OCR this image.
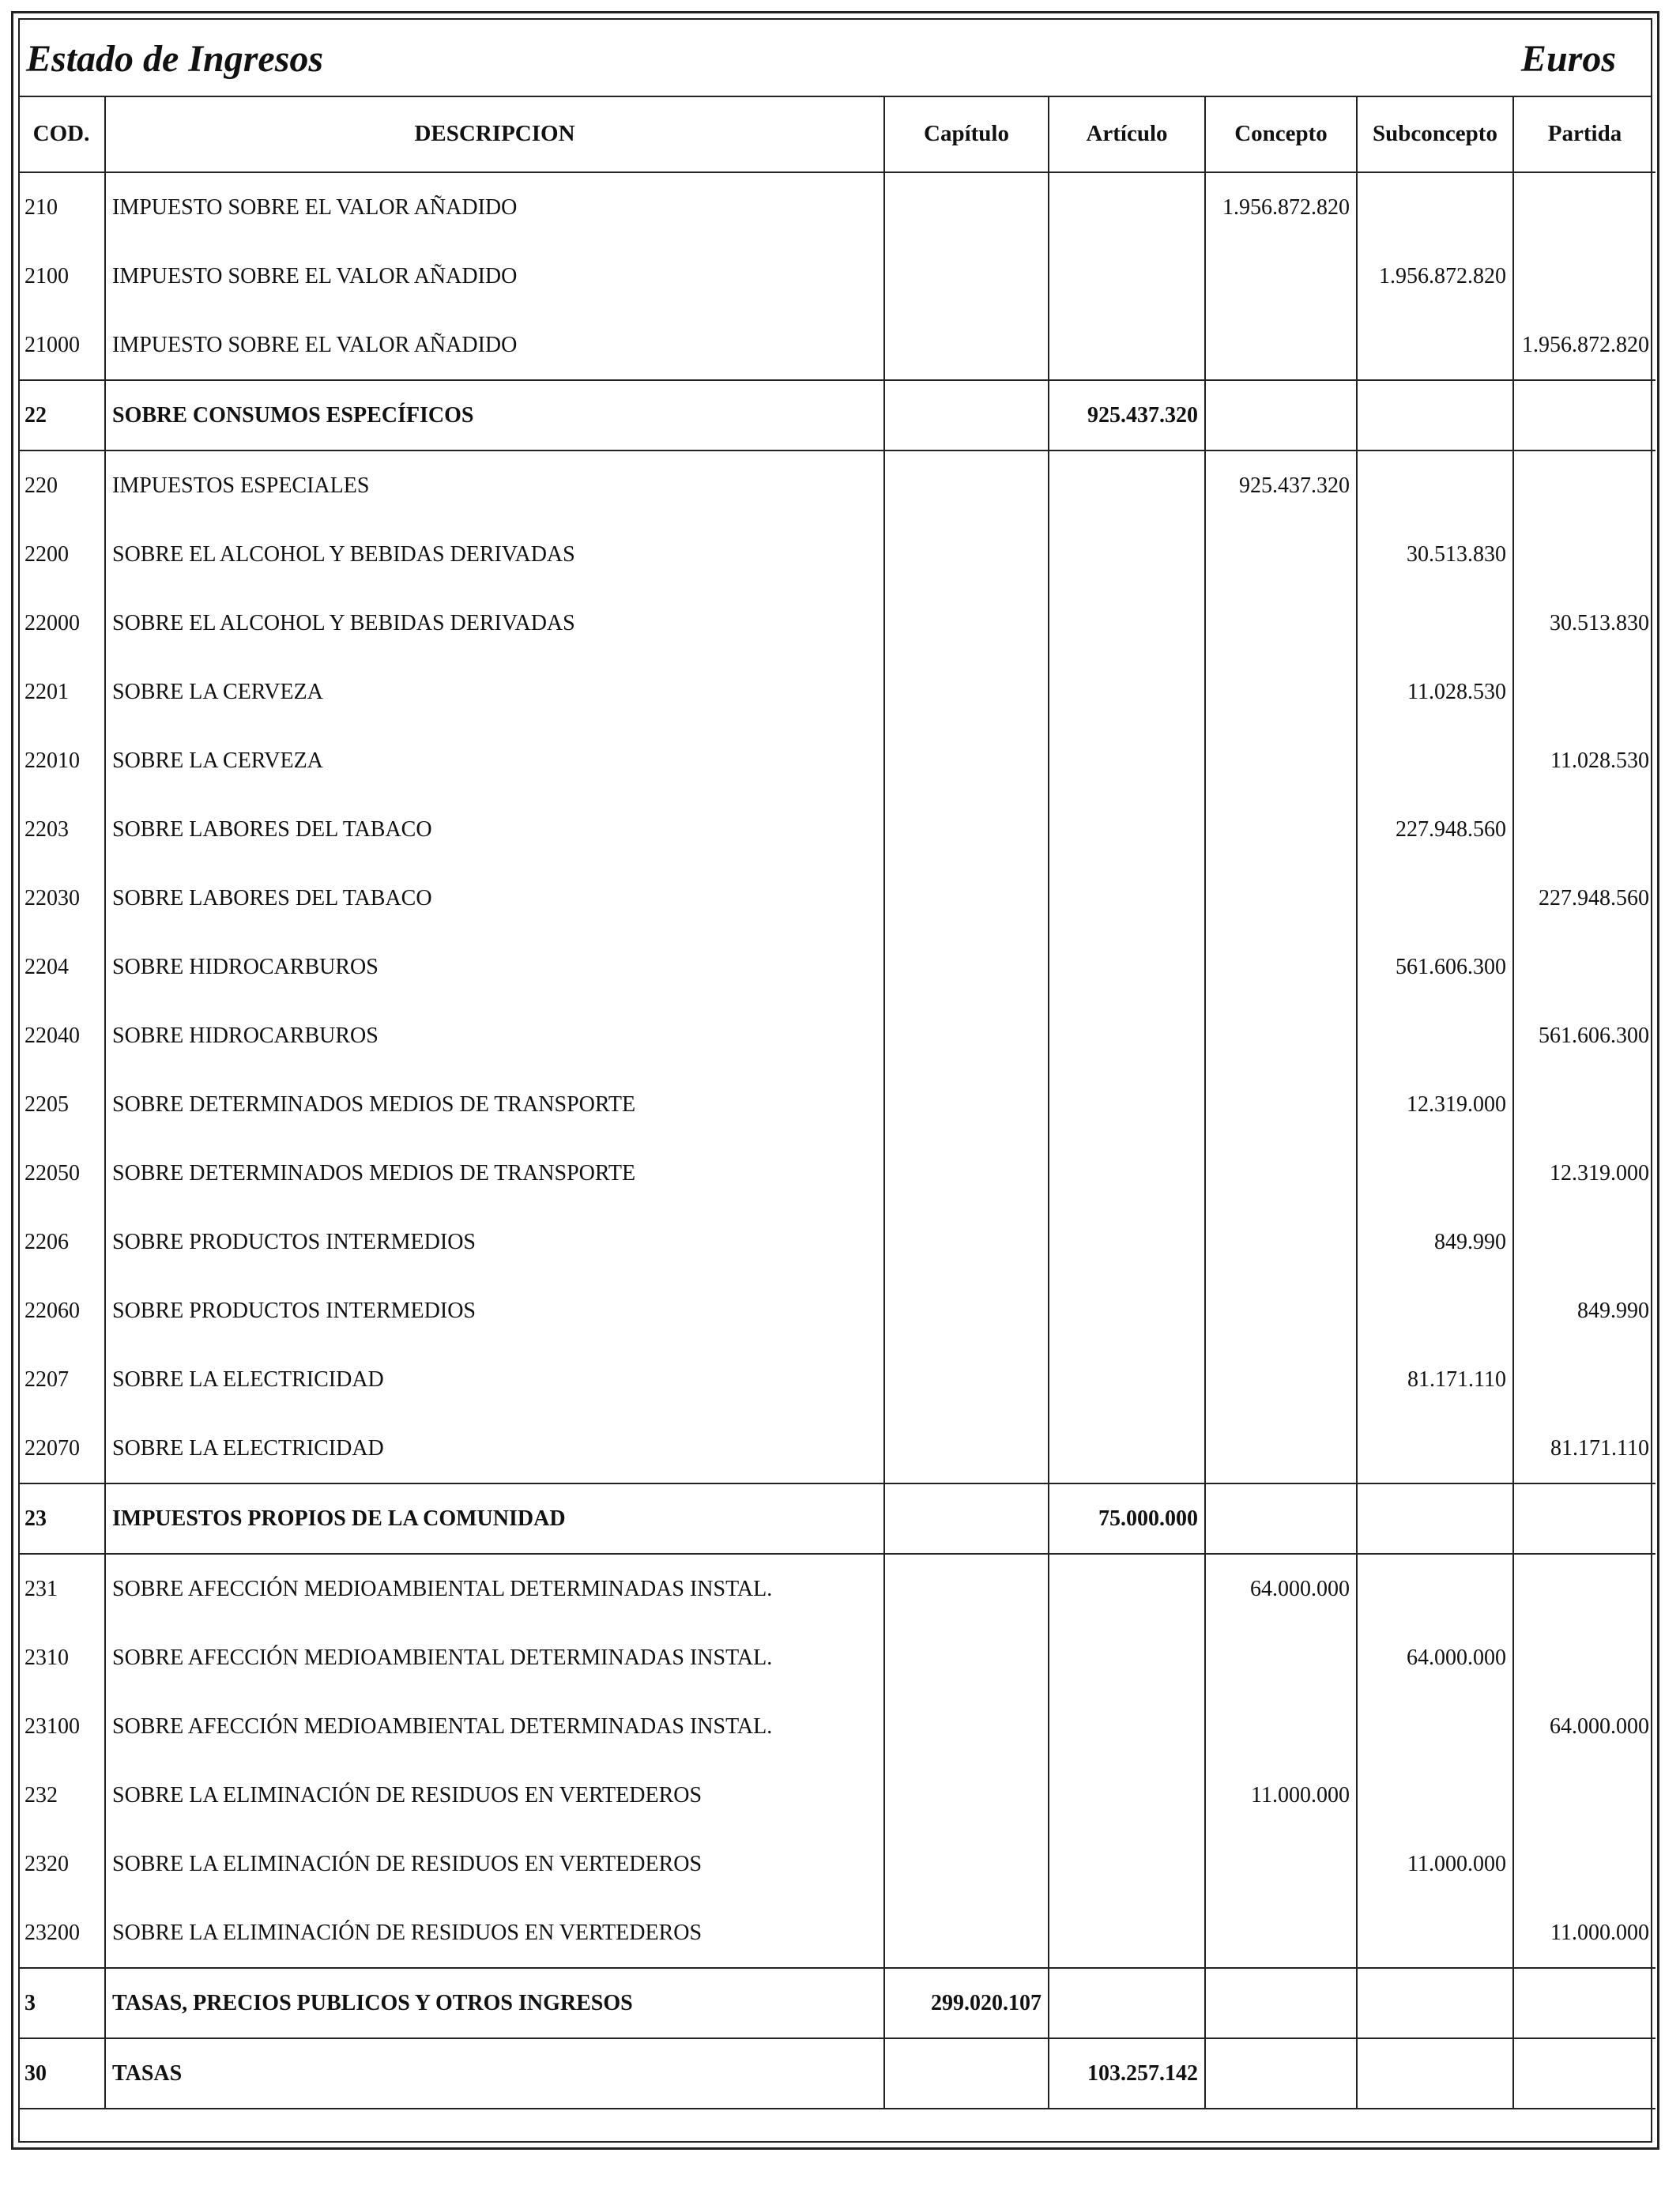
Estado de Ingresos	Euros
COD.	DESCRIPCION	Capítulo	Artículo	Concepto	Subconcepto	Partida
210	IMPUESTO SOBRE EL VALOR AÑADIDO			1.956.872.820		
2100	IMPUESTO SOBRE EL VALOR AÑADIDO				1.956.872.820	
21000	IMPUESTO SOBRE EL VALOR AÑADIDO					1.956.872.820
22	SOBRE CONSUMOS ESPECÍFICOS		925.437.320			
220	IMPUESTOS ESPECIALES			925.437.320		
2200	SOBRE EL ALCOHOL Y BEBIDAS DERIVADAS				30.513.830	
22000	SOBRE EL ALCOHOL Y BEBIDAS DERIVADAS					30.513.830
2201	SOBRE LA CERVEZA				11.028.530	
22010	SOBRE LA CERVEZA					11.028.530
2203	SOBRE LABORES DEL TABACO				227.948.560	
22030	SOBRE LABORES DEL TABACO					227.948.560
2204	SOBRE HIDROCARBUROS				561.606.300	
22040	SOBRE HIDROCARBUROS					561.606.300
2205	SOBRE DETERMINADOS MEDIOS DE TRANSPORTE				12.319.000	
22050	SOBRE DETERMINADOS MEDIOS DE TRANSPORTE					12.319.000
2206	SOBRE PRODUCTOS INTERMEDIOS				849.990	
22060	SOBRE PRODUCTOS INTERMEDIOS					849.990
2207	SOBRE LA ELECTRICIDAD				81.171.110	
22070	SOBRE LA ELECTRICIDAD					81.171.110
23	IMPUESTOS PROPIOS DE LA COMUNIDAD		75.000.000			
231	SOBRE AFECCIÓN MEDIOAMBIENTAL DETERMINADAS INSTAL.			64.000.000		
2310	SOBRE AFECCIÓN MEDIOAMBIENTAL DETERMINADAS INSTAL.				64.000.000	
23100	SOBRE AFECCIÓN MEDIOAMBIENTAL DETERMINADAS INSTAL.					64.000.000
232	SOBRE LA ELIMINACIÓN DE RESIDUOS EN VERTEDEROS			11.000.000		
2320	SOBRE LA ELIMINACIÓN DE RESIDUOS EN VERTEDEROS				11.000.000	
23200	SOBRE LA ELIMINACIÓN DE RESIDUOS EN VERTEDEROS					11.000.000
3	TASAS, PRECIOS PUBLICOS Y OTROS INGRESOS	299.020.107				
30	TASAS		103.257.142			
